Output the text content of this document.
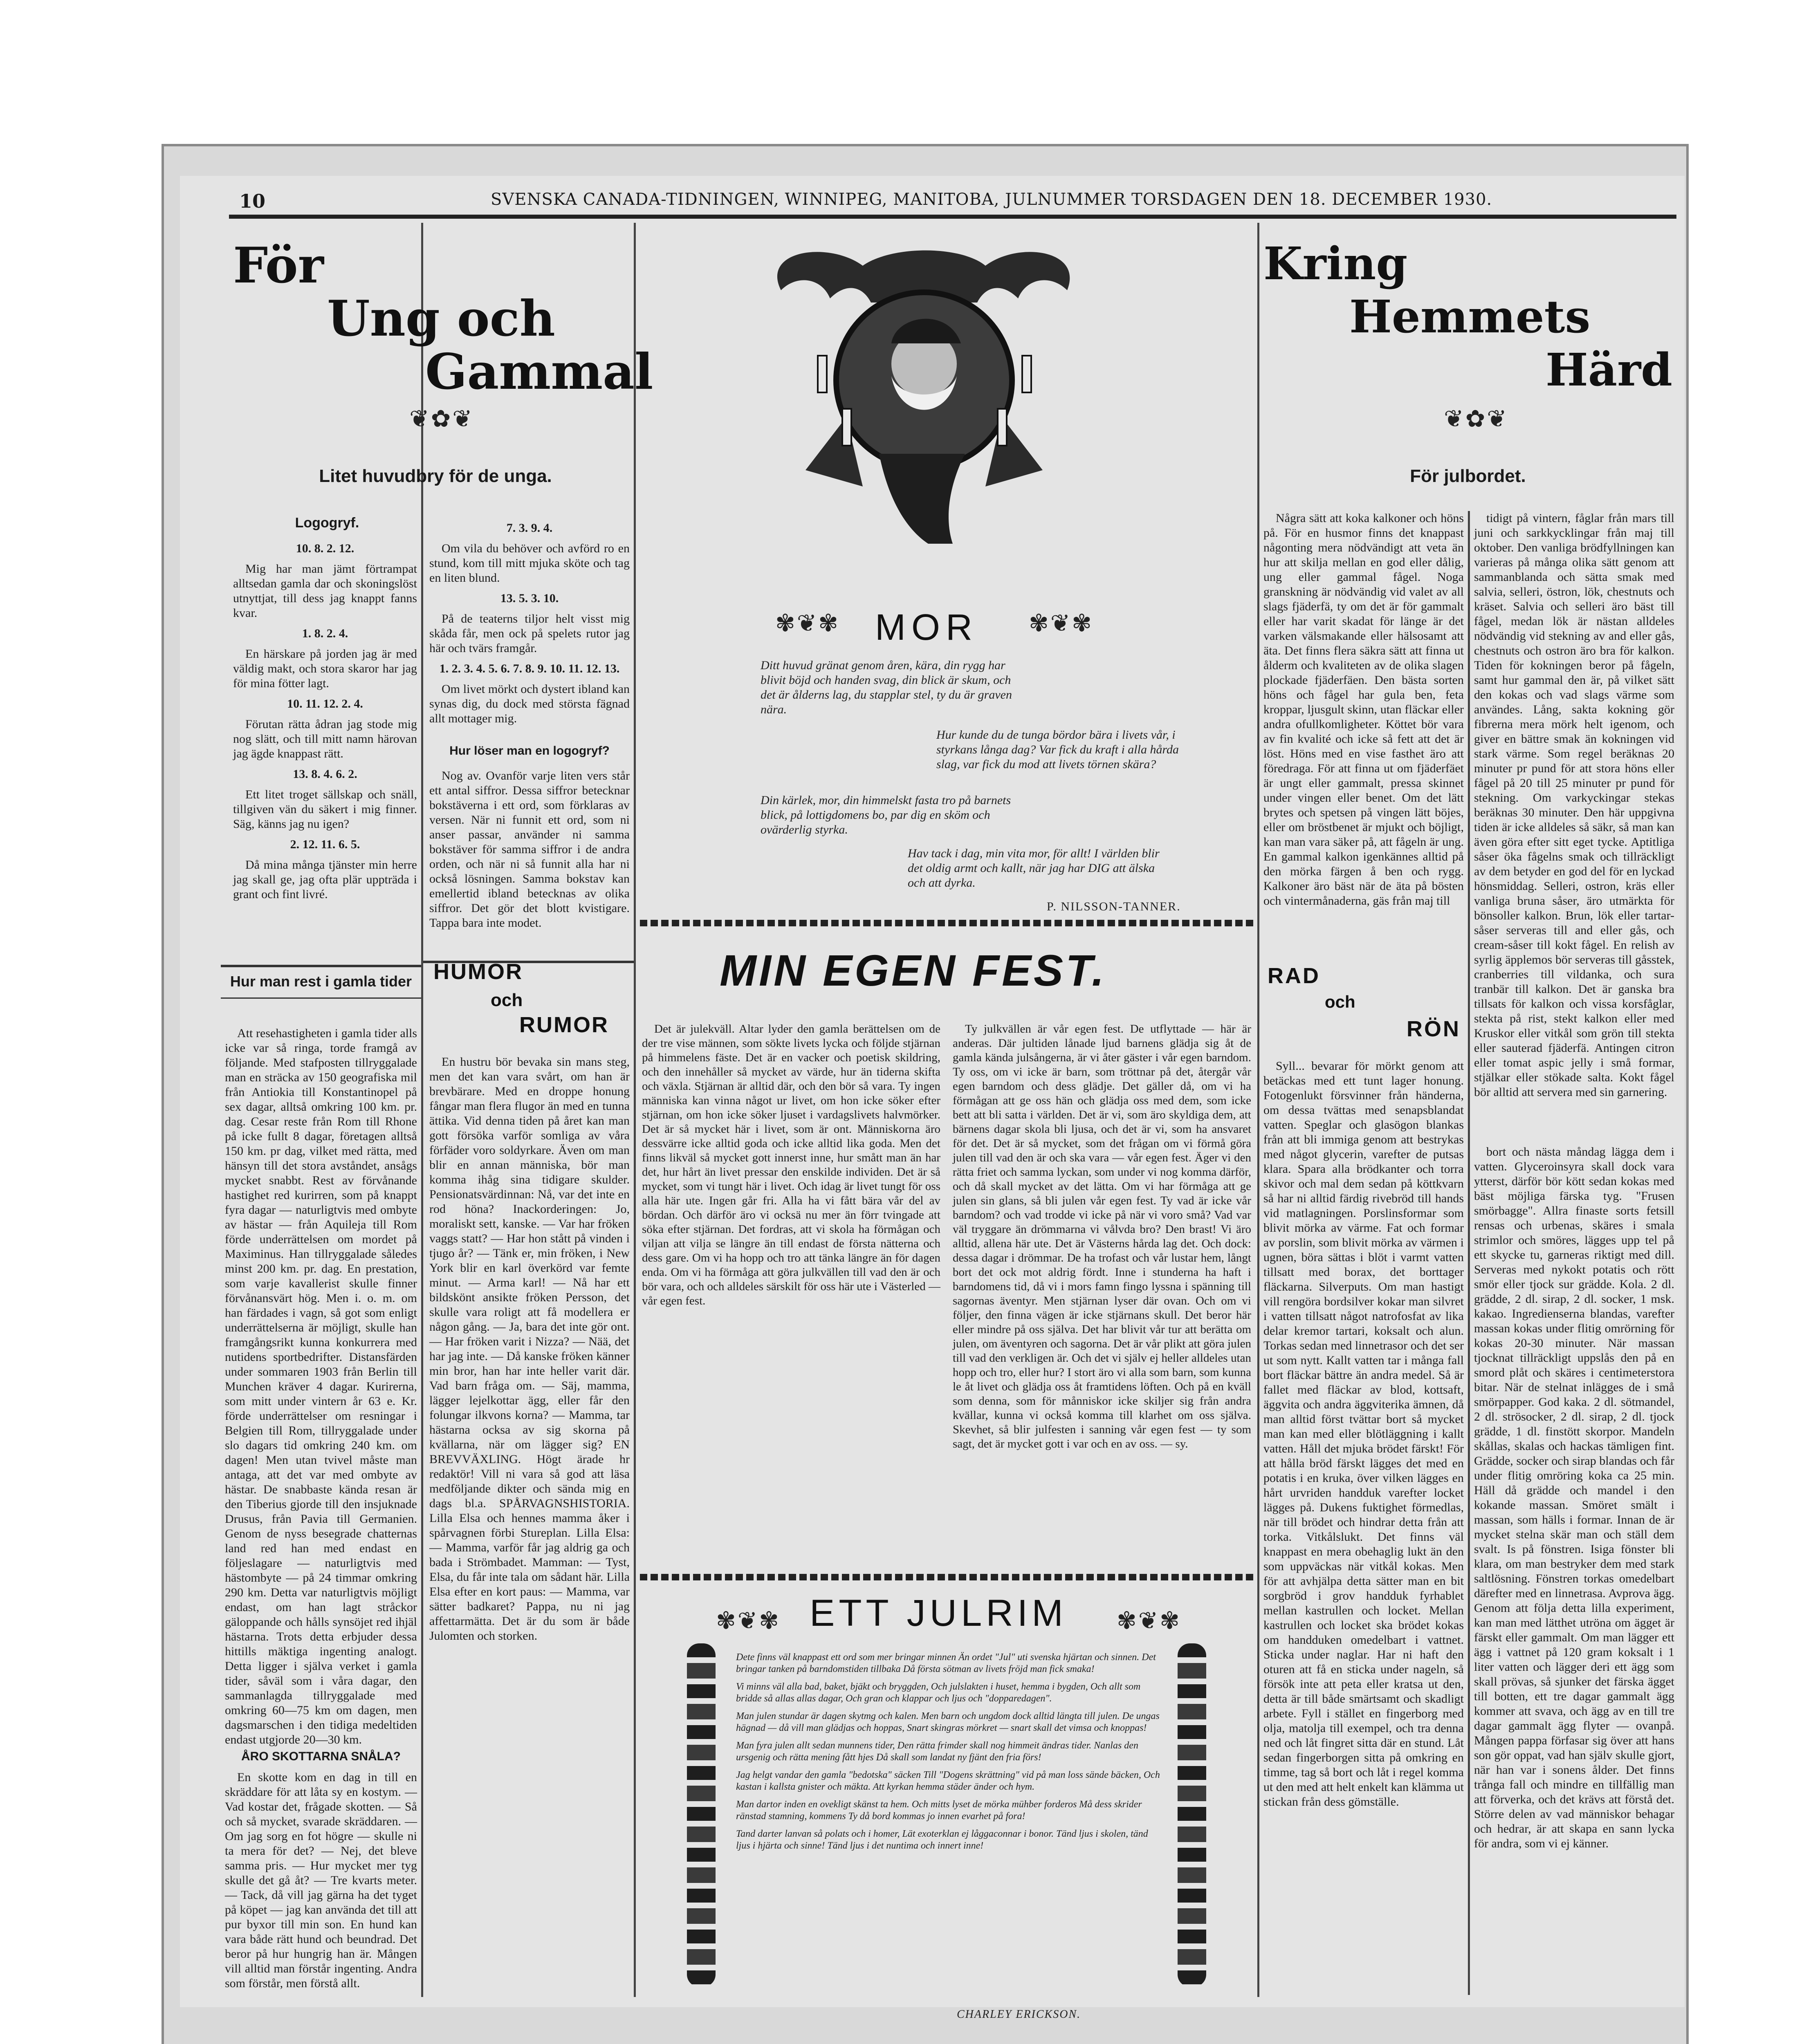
10	SVENSKA CANADA-TIDNINGEN, WINNIPEG, MANITOBA, JULNUMMER TORSDAGEN DEN 18. DECEMBER 1930.
För
Ung och
Gammal
❦✿❦
Litet huvudbry för de unga.
Logogryf.

10. 8. 2. 12.

Mig har man jämt förtrampat alltsedan gamla dar och skoningslöst utnyttjat, till dess jag knappt fanns kvar.

1. 8. 2. 4.

En härskare på jorden jag är med väldig makt, och stora skaror har jag för mina fötter lagt.

10. 11. 12. 2. 4.

Förutan rätta ådran jag stode mig nog slätt, och till mitt namn härovan jag ägde knappast rätt.

13. 8. 4. 6. 2.

Ett litet troget sällskap och snäll, tillgiven vän du säkert i mig finner. Säg, känns jag nu igen?

2. 12. 11. 6. 5.

Då mina många tjänster min herre jag skall ge, jag ofta plär uppträda i grant och fint livré.

Hur man rest i gamla tider

Att resehastigheten i gamla tider alls icke var så ringa, torde framgå av följande. Med stafposten tillryggalade man en sträcka av 150 geografiska mil från Antiokia till Konstantinopel på sex dagar, alltså omkring 100 km. pr. dag. Cesar reste från Rom till Rhone på icke fullt 8 dagar, företagen alltså 150 km. pr dag, vilket med rätta, med hänsyn till det stora avståndet, ansågs mycket snabbt. Rest av förvånande hastighet red kurirren, som på knappt fyra dagar — naturligtvis med ombyte av hästar — från Aquileja till Rom förde underrättelsen om mordet på Maximinus. Han tillryggalade således minst 200 km. pr. dag. En prestation, som varje kavallerist skulle finner förvånansvärt hög. Men i. o. m. om han färdades i vagn, så got som enligt underrättelserna är möjligt, skulle han framgångsrikt kunna konkurrera med nutidens sportbedrifter. Distansfärden under sommaren 1903 från Berlin till Munchen kräver 4 dagar. Kurirerna, som mitt under vintern år 63 e. Kr. förde underrättelser om resningar i Belgien till Rom, tillryggalade under slo dagars tid omkring 240 km. om dagen! Men utan tvivel måste man antaga, att det var med ombyte av hästar. De snabbaste kända resan är den Tiberius gjorde till den insjuknade Drusus, från Pavia till Germanien. Genom de nyss besegrade chatternas land red han med endast en följeslagare — naturligtvis med hästombyte — på 24 timmar omkring 290 km. Detta var naturligtvis möjligt endast, om han lagt stråckor gäloppande och hålls synsöjet red ihjäl hästarna. Trots detta erbjuder dessa hittills mäktiga ingenting analogt. Detta ligger i själva verket i gamla tider, såväl som i våra dagar, den sammanlagda tillryggalade med omkring 60—75 km om dagen, men dagsmarschen i den tidiga medeltiden endast utgjorde 20—30 km.

ÅRO SKOTTARNA SNÅLA?

En skotte kom en dag in till en skräddare för att låta sy en kostym. — Vad kostar det, frågade skotten. — Så och så mycket, svarade skräddaren. — Om jag sorg en fot högre — skulle ni ta mera för det? — Nej, det bleve samma pris. — Hur mycket mer tyg skulle det gå åt? — Tre kvarts meter. — Tack, då vill jag gärna ha det tyget på köpet — jag kan använda det till att pur byxor till min son. En hund kan vara både rätt hund och beundrad. Det beror på hur hungrig han är. Mången vill alltid man förstår ingenting. Andra som förstår, men förstå allt.

7. 3. 9. 4.

Om vila du behöver och avförd ro en stund, kom till mitt mjuka sköte och tag en liten blund.

13. 5. 3. 10.

På de teaterns tiljor helt visst mig skåda får, men ock på spelets rutor jag här och tvärs framgår.

1. 2. 3. 4. 5. 6. 7. 8. 9. 10. 11. 12. 13.

Om livet mörkt och dystert ibland kan synas dig, du dock med största fägnad allt mottager mig.

Hur löser man en logogryf?

Nog av. Ovanför varje liten vers står ett antal siffror. Dessa siffror betecknar bokstäverna i ett ord, som förklaras av versen. När ni funnit ett ord, som ni anser passar, använder ni samma bokstäver för samma siffror i de andra orden, och när ni så funnit alla har ni också lösningen. Samma bokstav kan emellertid ibland betecknas av olika siffror. Det gör det blott kvistigare. Tappa bara inte modet.

HUMOR
och
RUMOR

En hustru bör bevaka sin mans steg, men det kan vara svårt, om han är brevbärare. Med en droppe honung fångar man flera flugor än med en tunna ättika. Vid denna tiden på året kan man gott försöka varför somliga av våra förfäder voro soldyrkare. Även om man blir en annan människa, bör man komma ihåg sina tidigare skulder. Pensionatsvärdinnan: Nå, var det inte en rod höna? Inackorderingen: Jo, moraliskt sett, kanske. — Var har fröken vaggs statt? — Har hon stått på vinden i tjugo år? — Tänk er, min fröken, i New York blir en karl överkörd var femte minut. — Arma karl! — Nå har ett bildskönt ansikte fröken Persson, det skulle vara roligt att få modellera er någon gång. — Ja, bara det inte gör ont. — Har fröken varit i Nizza? — Nää, det har jag inte. — Då kanske fröken känner min bror, han har inte heller varit där. Vad barn fråga om. — Säj, mamma, lägger lejelkottar ägg, eller får den folungar ilkvons korna? — Mamma, tar hästarna ocksa av sig skorna på kvällarna, när om lägger sig? EN BREVVÄXLING. Högt ärade hr redaktör! Vill ni vara så god att läsa medföljande dikter och sända mig en dags bl.a. SPÅRVAGNSHISTORIA. Lilla Elsa och hennes mamma åker i spårvagnen förbi Stureplan. Lilla Elsa: — Mamma, varför får jag aldrig ga och bada i Strömbadet. Mamman: — Tyst, Elsa, du får inte tala om sådant här. Lilla Elsa efter en kort paus: — Mamma, var sätter badkaret? Pappa, nu ni jag affettarmätta. Det är du som är både Julomten och storken.

✾❦✾ MOR	✾❦✾
Ditt huvud gränat genom åren, kära, din rygg har blivit böjd och handen svag, din blick är skum, och det är ålderns lag, du stapplar stel, ty du är graven nära.
Hur kunde du de tunga bördor bära i livets vår, i styrkans långa dag? Var fick du kraft i alla hårda slag, var fick du mod att livets törnen skära?
Din kärlek, mor, din himmelskt fasta tro på barnets blick, på lottigdomens bo, par dig en sköm och ovärderlig styrka.
Hav tack i dag, min vita mor, för allt! I världen blir det oldig armt och kallt, när jag har DIG att älska och att dyrka.
P. NILSSON-TANNER.
MIN EGEN FEST.

Det är julekväll. Altar lyder den gamla berättelsen om de der tre vise männen, som sökte livets lycka och följde stjärnan på himmelens fäste. Det är en vacker och poetisk skildring, och den innehåller så mycket av värde, hur än tiderna skifta och växla. Stjärnan är alltid där, och den bör så vara. Ty ingen människa kan vinna något ur livet, om hon icke söker efter stjärnan, om hon icke söker ljuset i vardagslivets halvmörker. Det är så mycket här i livet, som är ont. Människorna äro dessvärre icke alltid goda och icke alltid lika goda. Men det finns likväl så mycket gott innerst inne, hur smått man än har det, hur hårt än livet pressar den enskilde individen. Det är så mycket, som vi tungt här i livet. Och idag är livet tungt för oss alla här ute. Ingen går fri. Alla ha vi fått bära vår del av bördan. Och därför äro vi ocksä nu mer än förr tvingade att söka efter stjärnan. Det fordras, att vi skola ha förmågan och viljan att vilja se längre än till endast de första nätterna och dess gare. Om vi ha hopp och tro att tänka längre än för dagen enda. Om vi ha förmåga att göra julkvällen till vad den är och bör vara, och och alldeles särskilt för oss här ute i Västerled — vår egen fest.

Ty julkvällen är vår egen fest. De utflyttade — här är anderas. Där jultiden lånade ljud barnens glädja sig åt de gamla kända julsångerna, är vi åter gäster i vår egen barndom. Ty oss, om vi icke är barn, som tröttnar på det, återgår vår egen barndom och dess glädje. Det gäller då, om vi ha förmågan att ge oss hän och glädja oss med dem, som icke bett att bli satta i världen. Det är vi, som äro skyldiga dem, att bärnens dagar skola bli ljusa, och det är vi, som ha ansvaret för det. Det är så mycket, som det frågan om vi förmå göra julen till vad den är och ska vara — vår egen fest. Äger vi den rätta friet och samma lyckan, som under vi nog komma därför, och då skall mycket av det lätta. Om vi har förmåga att ge julen sin glans, så bli julen vår egen fest. Ty vad är icke vår barndom? och vad trodde vi icke på när vi voro små? Vad var väl tryggare än drömmarna vi vålvda bro? Den brast! Vi äro alltid, allena här ute. Det är Västerns hårda lag det. Och dock: dessa dagar i drömmar. De ha trofast och vår lustar hem, långt bort det ock mot aldrig fördt. Inne i stunderna ha haft i barndomens tid, då vi i mors famn fingo lyssna i spänning till sagornas äventyr. Men stjärnan lyser där ovan. Och om vi följer, den finna vägen är icke stjärnans skull. Det beror här eller mindre på oss själva. Det har blivit vår tur att berätta om julen, om äventyren och sagorna. Det är vår plikt att göra julen till vad den verkligen är. Och det vi själv ej heller alldeles utan hopp och tro, eller hur? I stort äro vi alla som barn, som kunna le åt livet och glädja oss åt framtidens löften. Och på en kväll som denna, som för månniskor icke skiljer sig från andra kvällar, kunna vi också komma till klarhet om oss själva. Skevhet, så blir julfesten i sanning vår egen fest — ty som sagt, det är mycket gott i var och en av oss. — sy.

✾❦✾ ETT JULRIM	✾❦✾

Dete finns väl knappast ett ord som mer bringar minnen Än ordet "Jul" uti svenska hjärtan och sinnen. Det bringar tanken på barndomstiden tillbaka Då första sötman av livets fröjd man fick smaka!

Vi minns väl alla bad, baket, bjäkt och bryggden, Och julslakten i huset, hemma i bygden, Och allt som bridde så allas allas dagar, Och gran och klappar och ljus och "dopparedagen".

Man julen stundar är dagen skytmg och kalen. Men barn och ungdom dock alltid längta till julen. De ungas hägnad — då vill man glädjas och hoppas, Snart skingras mörkret — snart skall det vimsa och knoppas!

Man fyra julen allt sedan munnens tider, Den rätta frimder skall nog himmeit ändras tider. Nanlas den ursgenig och rätta mening fått hjes Då skall som landat ny fjänt den fria förs!

Jag helgt vandar den gamla "bedotska" säcken Till "Dogens skrättning" vid på man loss sände bäcken, Och kastan i kallsta gnister och mäkta. Att kyrkan hemma städer änder och hym.

Man dartor inden en ovekligt skänst ta hem. Och mitts lyset de mörka mühber forderos Må dess skrider ränstad stamning, kommens Ty då bord kommas jo innen evarhet på fora!

Tand darter lanvan så polats och i homer, Lät exoterklan ej låggaconnar i bonor. Tänd ljus i skolen, tänd ljus i hjärta och sinne! Tänd ljus i det nuntima och innert inne!

CHARLEY ERICKSON.
Kring
Hemmets
Härd
❦✿❦
För julbordet.

Några sätt att koka kalkoner och höns på. För en husmor finns det knappast någonting mera nödvändigt att veta än hur att skilja mellan en god eller dålig, ung eller gammal fågel. Noga granskning är nödvändig vid valet av all slags fjäderfä, ty om det är för gammalt eller har varit skadat för länge är det varken välsmakande eller hälsosamt att äta. Det finns flera säkra sätt att finna ut ålderm och kvaliteten av de olika slagen plockade fjäderfäen. Den bästa sorten höns och fågel har gula ben, feta kroppar, ljusgult skinn, utan fläckar eller andra ofullkomligheter. Köttet bör vara av fin kvalité och icke så fett att det är löst. Höns med en vise fasthet äro att föredraga. För att finna ut om fjäderfäet är ungt eller gammalt, pressa skinnet under vingen eller benet. Om det lätt brytes och spetsen på vingen lätt böjes, eller om bröstbenet är mjukt och böjligt, kan man vara säker på, att fågeln är ung. En gammal kalkon igenkännes alltid på den mörka färgen å ben och rygg. Kalkoner äro bäst när de äta på bösten och vintermånaderna, gäs från maj till

tidigt på vintern, fåglar från mars till juni och sarkkycklingar från maj till oktober. Den vanliga brödfyllningen kan varieras på många olika sätt genom att sammanblanda och sätta smak med salvia, selleri, östron, lök, chestnuts och kräset. Salvia och selleri äro bäst till fågel, medan lök är nästan alldeles nödvändig vid stekning av and eller gås, chestnuts och ostron äro bra för kalkon. Tiden för kokningen beror på fågeln, samt hur gammal den är, på vilket sätt den kokas och vad slags värme som användes. Lång, sakta kokning gör fibrerna mera mörk helt igenom, och giver en bättre smak än kokningen vid stark värme. Som regel beräknas 20 minuter pr pund för att stora höns eller fågel på 20 till 25 minuter pr pund för stekning. Om varkyckingar stekas beräknas 30 minuter. Den här uppgivna tiden är icke alldeles så säkr, så man kan även göra efter sitt eget tycke. Aptitliga såser öka fågelns smak och tillräckligt av dem betyder en god del för en lyckad hönsmiddag. Selleri, ostron, kräs eller vanliga bruna såser, äro utmärkta för bönsoller kalkon. Brun, lök eller tartar-såser serveras till and eller gås, och cream-såser till kokt fågel. En relish av syrlig äpplemos bör serveras till gåsstek, cranberries till vildanka, och sura tranbär till kalkon. Det är ganska bra tillsats för kalkon och vissa korsfåglar, stekta på rist, stekt kalkon eller med Kruskor eller vitkål som grön till stekta eller sauterad fjäderfä. Antingen citron eller tomat aspic jelly i små formar, stjälkar eller stökade salta. Kokt fågel bör alltid att servera med sin garnering.

RAD
och
RÖN

Syll... bevarar för mörkt genom att betäckas med ett tunt lager honung. Fotogenlukt försvinner från händerna, om dessa tvättas med senapsblandat vatten. Speglar och glasögon blankas från att bli immiga genom att bestrykas med något glycerin, varefter de putsas klara. Spara alla brödkanter och torra skivor och mal dem sedan på köttkvarn så har ni alltid färdig rivebröd till hands vid matlagningen. Porslinsformar som blivit mörka av värme. Fat och formar av porslin, som blivit mörka av värmen i ugnen, böra sättas i blöt i varmt vatten tillsatt med borax, det borttager fläckarna. Silverputs. Om man hastigt vill rengöra bordsilver kokar man silvret i vatten tillsatt något natrofosfat av lika delar kremor tartari, koksalt och alun. Torkas sedan med linnetrasor och det ser ut som nytt. Kallt vatten tar i många fall bort fläckar bättre än andra medel. Så är fallet med fläckar av blod, kottsaft, äggvita och andra äggviterika ämnen, då man alltid först tvättar bort så mycket man kan med eller blötläggning i kallt vatten. Håll det mjuka brödet färskt! För att hålla bröd färskt lägges det med en potatis i en kruka, över vilken lägges en hårt urvriden handduk varefter locket lägges på. Dukens fuktighet förmedlas, när till brödet och hindrar detta från att torka. Vitkålslukt. Det finns väl knappast en mera obehaglig lukt än den som uppväckas när vitkål kokas. Men för att avhjälpa detta sätter man en bit sorgbröd i grov handduk fyrhablet mellan kastrullen och locket. Mellan kastrullen och locket ska brödet kokas om handduken omedelbart i vattnet. Sticka under naglar. Har ni haft den oturen att få en sticka under nageln, så försök inte att peta eller kratsa ut den, detta är till både smärtsamt och skadligt arbete. Fyll i stället en fingerborg med olja, matolja till exempel, och tra denna ned och låt fingret sitta där en stund. Låt sedan fingerborgen sitta på omkring en timme, tag så bort och låt i regel komma ut den med att helt enkelt kan klämma ut stickan från dess gömställe.

bort och nästa måndag lägga dem i vatten. Glyceroinsyra skall dock vara ytterst, därför bör kött sedan kokas med bäst möjliga färska tyg. "Frusen smörbagge". Allra finaste sorts fetsill rensas och urbenas, skäres i smala strimlor och smöres, lägges upp tel på ett skycke tu, garneras riktigt med dill. Serveras med nykokt potatis och rött smör eller tjock sur grädde. Kola. 2 dl. grädde, 2 dl. sirap, 2 dl. socker, 1 msk. kakao. Ingredienserna blandas, varefter massan kokas under flitig omrörning för kokas 20-30 minuter. När massan tjocknat tillräckligt uppslås den på en smord plåt och skäres i centimeterstora bitar. När de stelnat inlägges de i små smörpapper. God kaka. 2 dl. sötmandel, 2 dl. strösocker, 2 dl. sirap, 2 dl. tjock grädde, 1 dl. finstött skorpor. Mandeln skållas, skalas och hackas tämligen fint. Grädde, socker och sirap blandas och får under flitig omröring koka ca 25 min. Häll då grädde och mandel i den kokande massan. Smöret smält i massan, som hälls i formar. Innan de är mycket stelna skär man och ställ dem svalt. Is på fönstren. Isiga fönster bli klara, om man bestryker dem med stark saltlösning. Fönstren torkas omedelbart därefter med en linnetrasa. Avprova ägg. Genom att följa detta lilla experiment, kan man med lätthet utröna om ägget är färskt eller gammalt. Om man lägger ett ägg i vattnet på 120 gram koksalt i 1 liter vatten och lägger deri ett ägg som skall prövas, så sjunker det färska ägget till botten, ett tre dagar gammalt ägg kommer att svava, och ägg av en till tre dagar gammalt ägg flyter — ovanpå. Mången pappa förfasar sig över att hans son gör oppat, vad han själv skulle gjort, när han var i sonens ålder. Det finns trånga fall och mindre en tillfällig man att förverka, och det krävs att förstå det. Större delen av vad människor behagar och hedrar, är att skapa en sann lycka för andra, som vi ej känner.
